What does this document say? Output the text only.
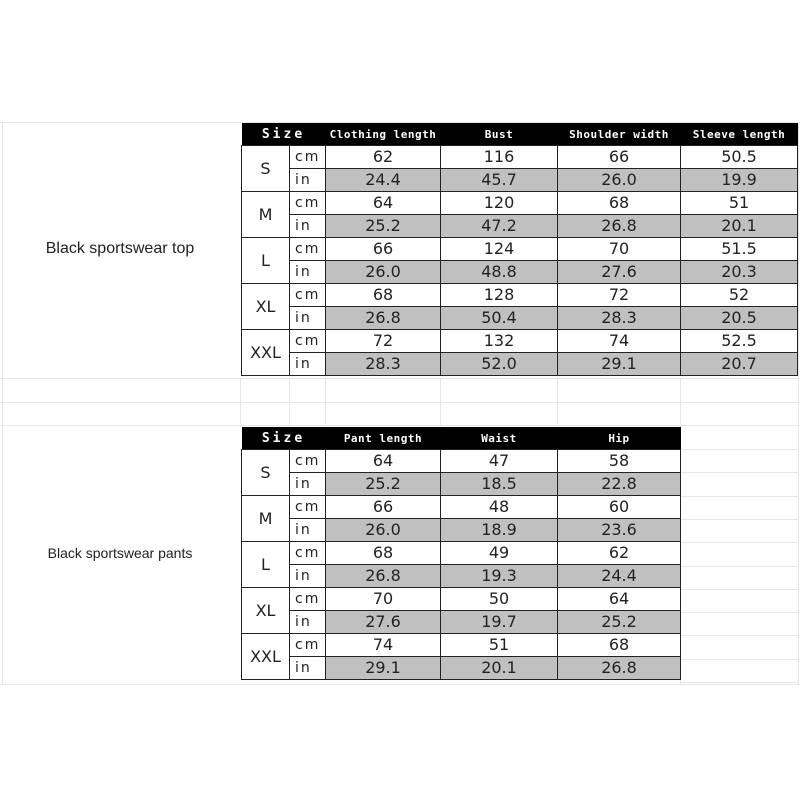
Black sportswear top
Black sportswear pants
Size		Clothing length	Bust	Shoulder width	Sleeve length
S	cm	62	116	66	50.5
	in	24.4	45.7	26.0	19.9
M	cm	64	120	68	51
	in	25.2	47.2	26.8	20.1
L	cm	66	124	70	51.5
	in	26.0	48.8	27.6	20.3
XL	cm	68	128	72	52
	in	26.8	50.4	28.3	20.5
XXL	cm	72	132	74	52.5
	in	28.3	52.0	29.1	20.7
Size		Pant length	Waist	Hip
S	cm	64	47	58
	in	25.2	18.5	22.8
M	cm	66	48	60
	in	26.0	18.9	23.6
L	cm	68	49	62
	in	26.8	19.3	24.4
XL	cm	70	50	64
	in	27.6	19.7	25.2
XXL	cm	74	51	68
	in	29.1	20.1	26.8
